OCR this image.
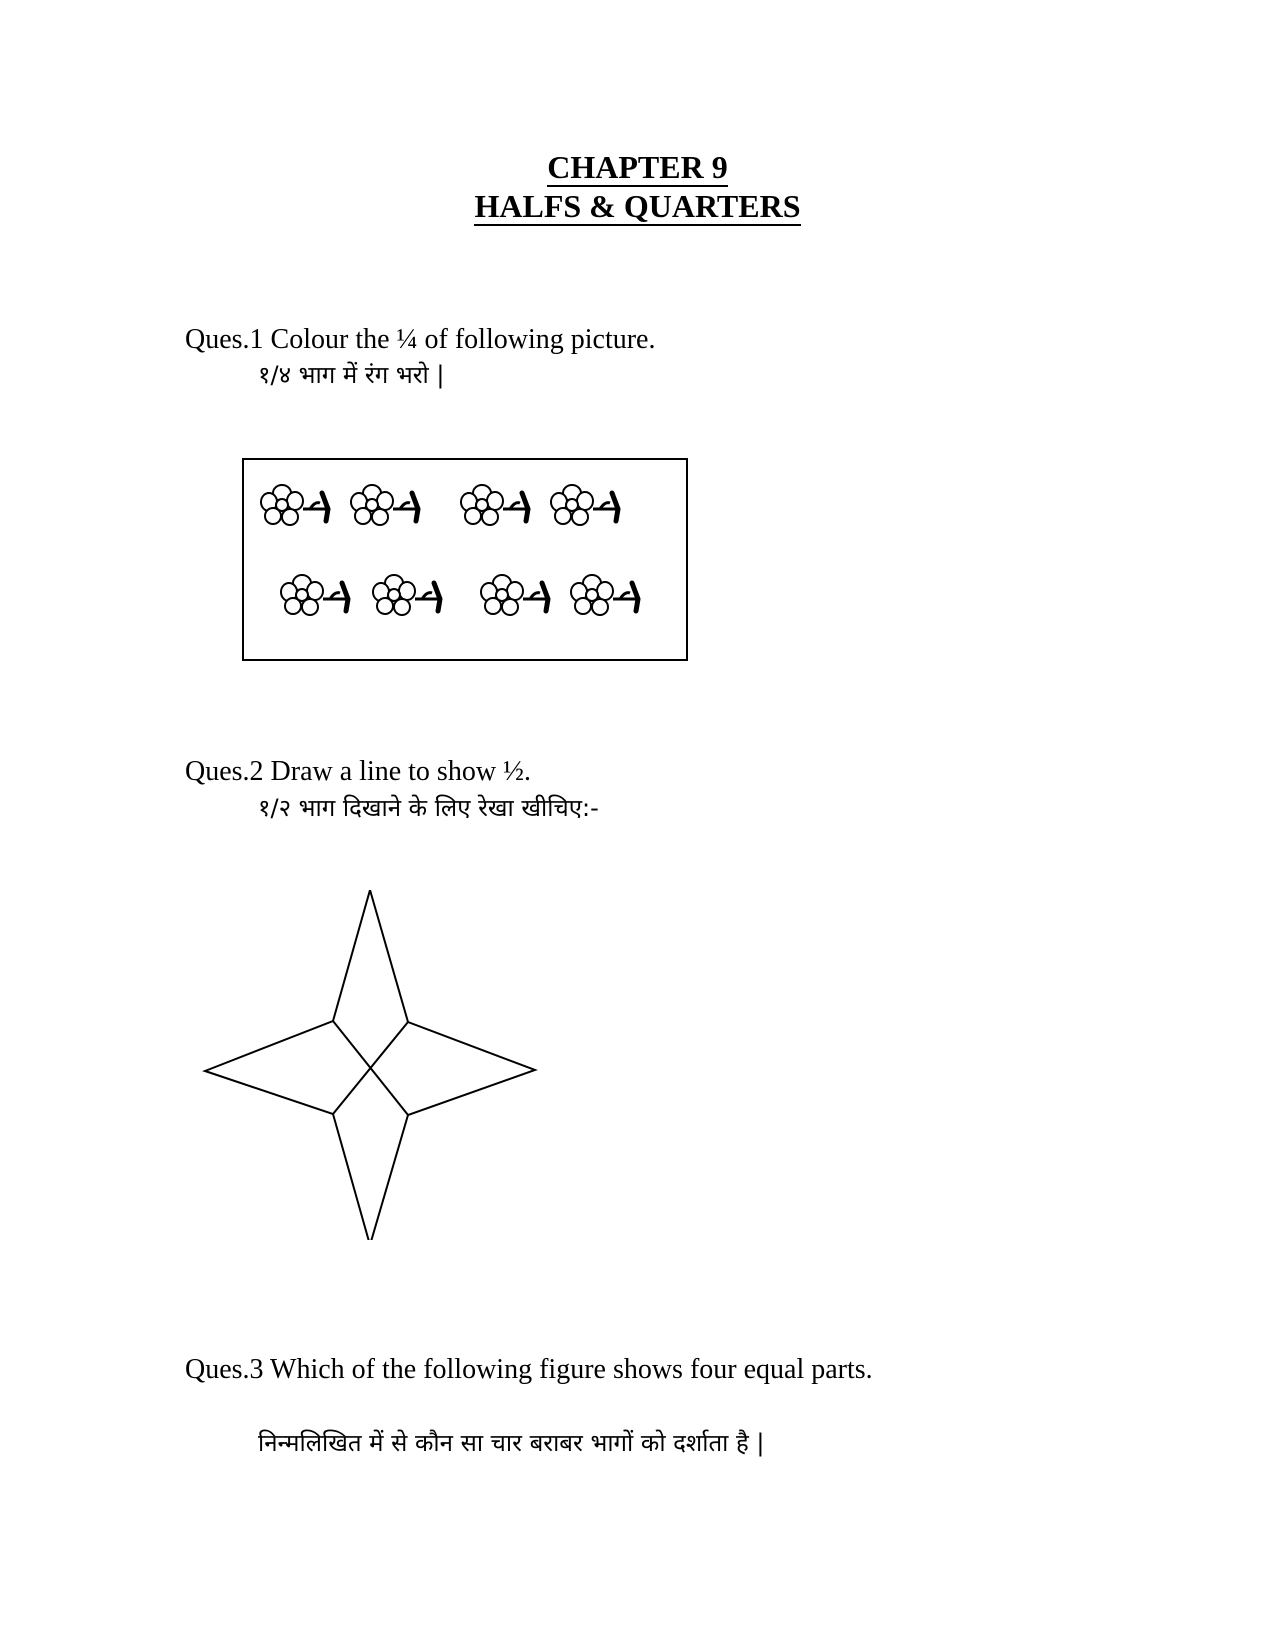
CHAPTER 9
HALFS & QUARTERS
Ques.1 Colour the ¼ of following picture.
१/४ भाग में रंग भरो |
Ques.2 Draw a line to show ½.
१/२ भाग दिखाने के लिए रेखा खीचिए:-
Ques.3 Which of the following figure shows four equal parts.
निन्मलिखित में से कौन सा चार बराबर भागों को दर्शाता है |
